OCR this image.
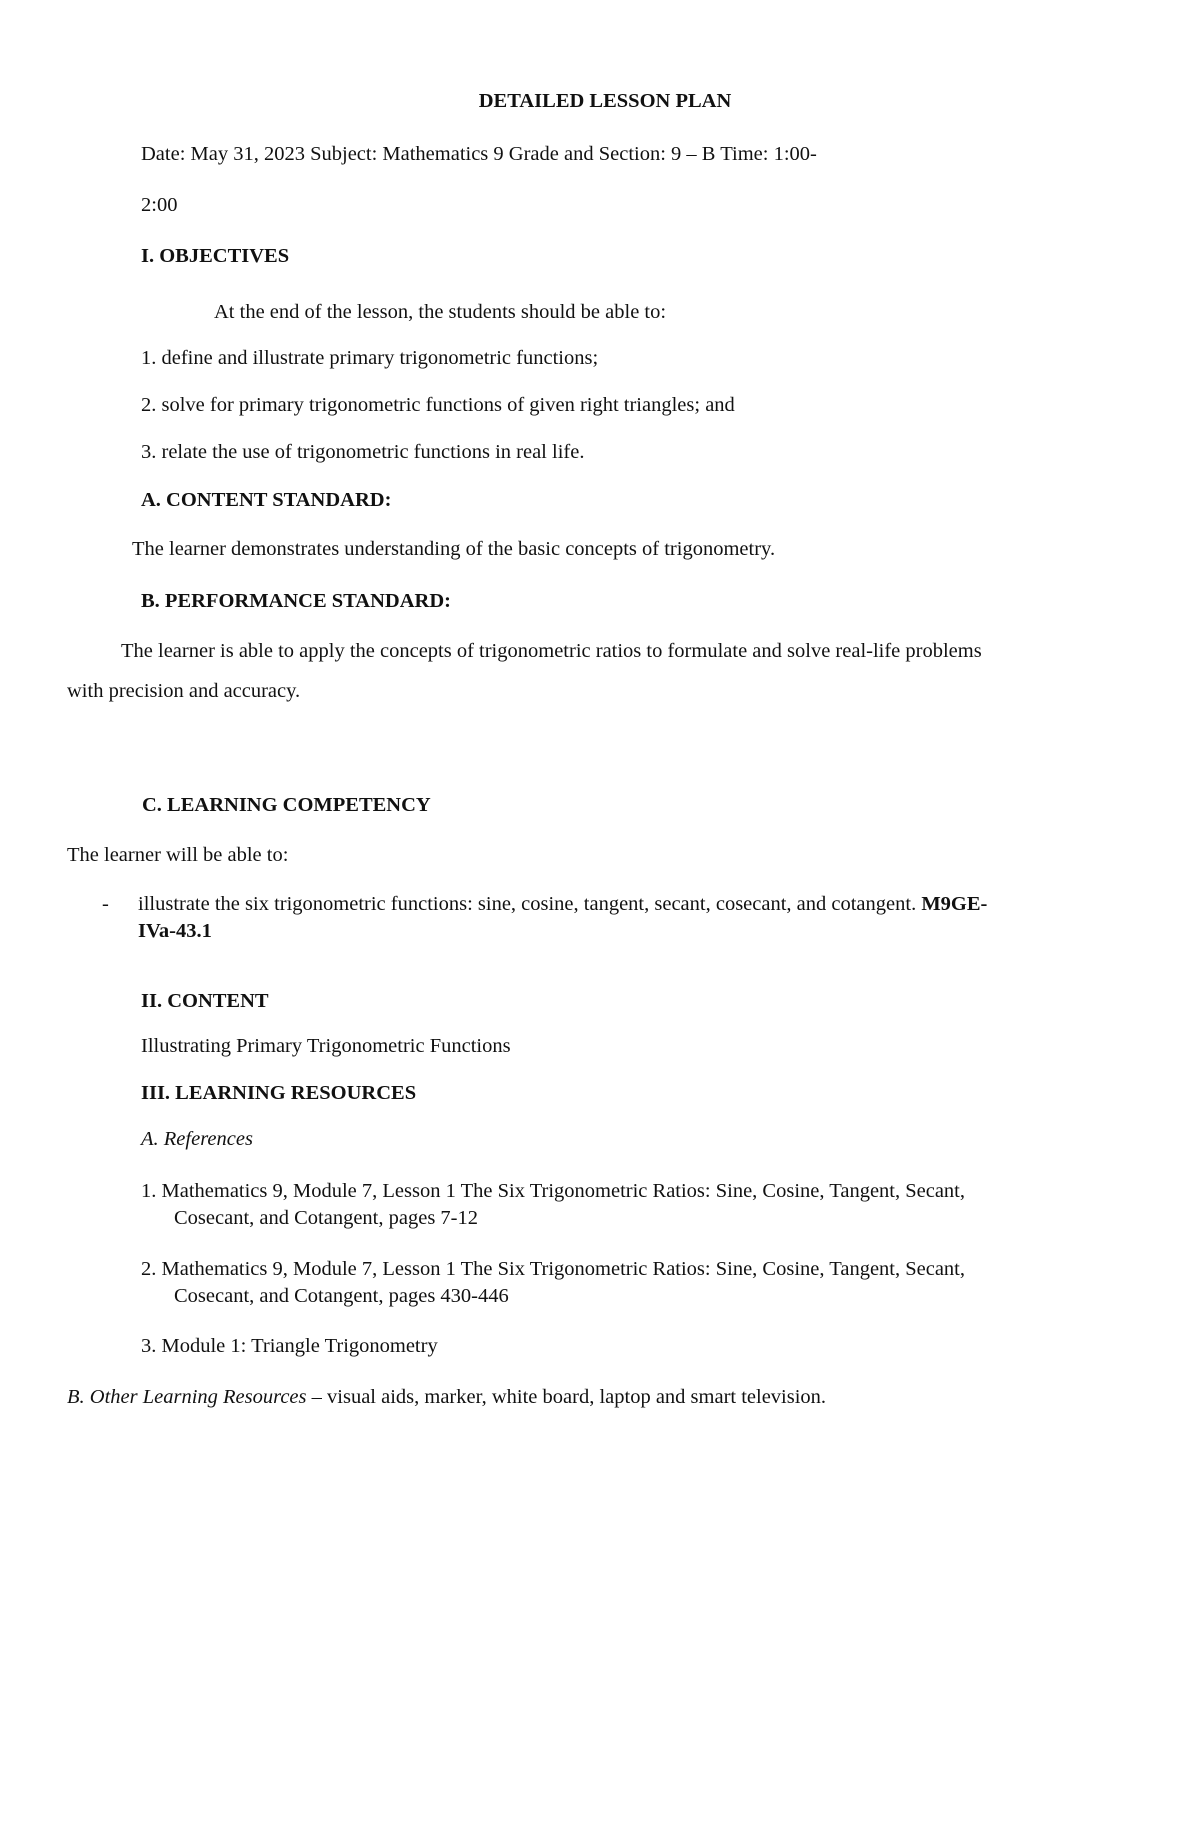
DETAILED LESSON PLAN
Date: May 31, 2023 Subject: Mathematics 9 Grade and Section: 9 – B Time: 1:00-
2:00
I. OBJECTIVES
At the end of the lesson, the students should be able to:
1. define and illustrate primary trigonometric functions;
2. solve for primary trigonometric functions of given right triangles; and
3. relate the use of trigonometric functions in real life.
A. CONTENT STANDARD:
The learner demonstrates understanding of the basic concepts of trigonometry.
B. PERFORMANCE STANDARD:
The learner is able to apply the concepts of trigonometric ratios to formulate and solve real-life problems
with precision and accuracy.
C. LEARNING COMPETENCY
The learner will be able to:
- illustrate the six trigonometric functions: sine, cosine, tangent, secant, cosecant, and cotangent. M9GE-
IVa-43.1
II. CONTENT
Illustrating Primary Trigonometric Functions
III. LEARNING RESOURCES
A. References
1. Mathematics 9, Module 7, Lesson 1 The Six Trigonometric Ratios: Sine, Cosine, Tangent, Secant,
Cosecant, and Cotangent, pages 7-12
2. Mathematics 9, Module 7, Lesson 1 The Six Trigonometric Ratios: Sine, Cosine, Tangent, Secant,
Cosecant, and Cotangent, pages 430-446
3. Module 1: Triangle Trigonometry
B. Other Learning Resources – visual aids, marker, white board, laptop and smart television.
